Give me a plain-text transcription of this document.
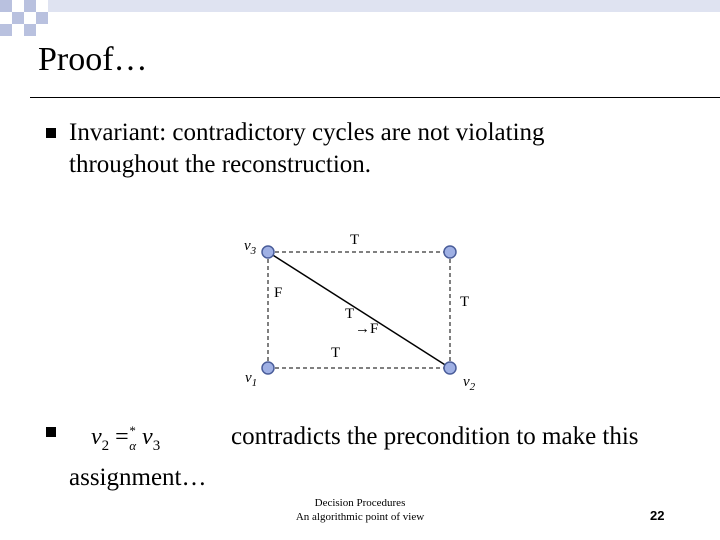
Proof…
Invariant: contradictory cycles are not violating throughout the reconstruction.
$v_3$
$v_1$	$v_2$
T
F
T
T
T
→ F
$v_2 =^*_\alpha$ $v_3$	contradicts the precondition to make this assignment…
Decision Procedures
An algorithmic point of view	22
